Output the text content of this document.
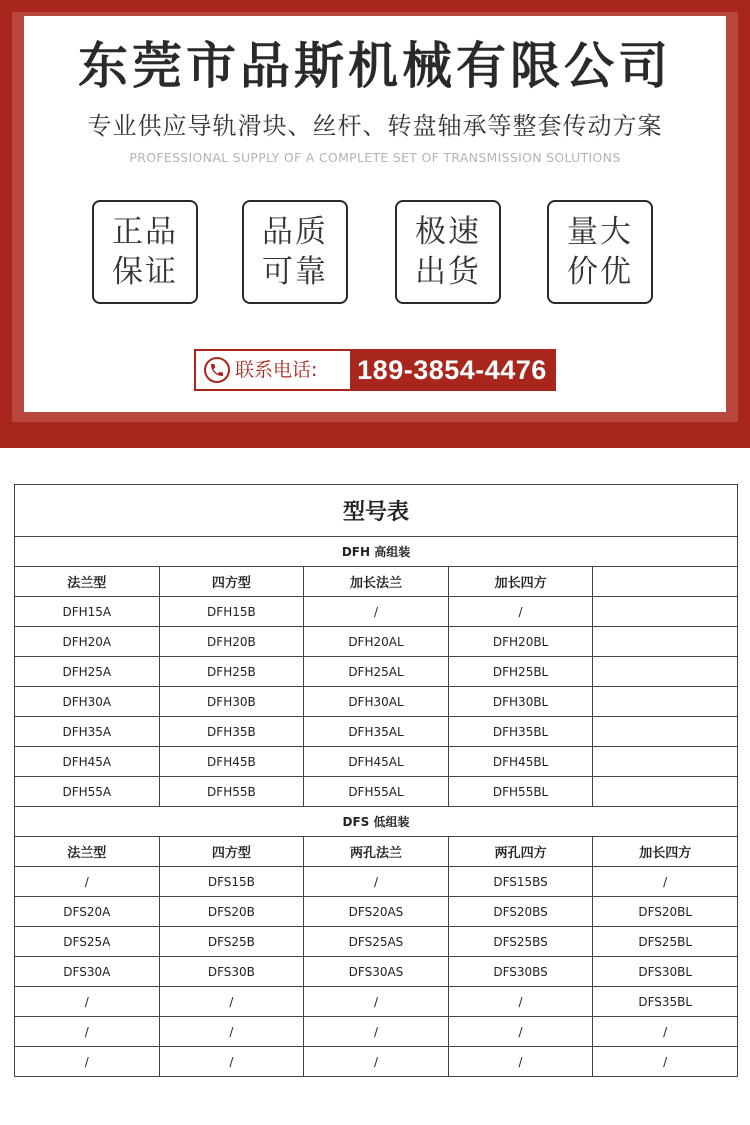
东莞市品斯机械有限公司
专业供应导轨滑块、丝杆、转盘轴承等整套传动方案
PROFESSIONAL SUPPLY OF A COMPLETE SET OF TRANSMISSION SOLUTIONS
正品
保证
品质
可靠
极速
出货
量大
价优
联系电话: 189-3854-4476
型号表				
DFH 高组装				
法兰型	四方型	加长法兰	加长四方	
DFH15A	DFH15B	/	/	
DFH20A	DFH20B	DFH20AL	DFH20BL	
DFH25A	DFH25B	DFH25AL	DFH25BL	
DFH30A	DFH30B	DFH30AL	DFH30BL	
DFH35A	DFH35B	DFH35AL	DFH35BL	
DFH45A	DFH45B	DFH45AL	DFH45BL	
DFH55A	DFH55B	DFH55AL	DFH55BL	
DFS 低组装				
法兰型	四方型	两孔法兰	两孔四方	加长四方
/	DFS15B	/	DFS15BS	/
DFS20A	DFS20B	DFS20AS	DFS20BS	DFS20BL
DFS25A	DFS25B	DFS25AS	DFS25BS	DFS25BL
DFS30A	DFS30B	DFS30AS	DFS30BS	DFS30BL
/	/	/	/	DFS35BL
/	/	/	/	/
/	/	/	/	/
